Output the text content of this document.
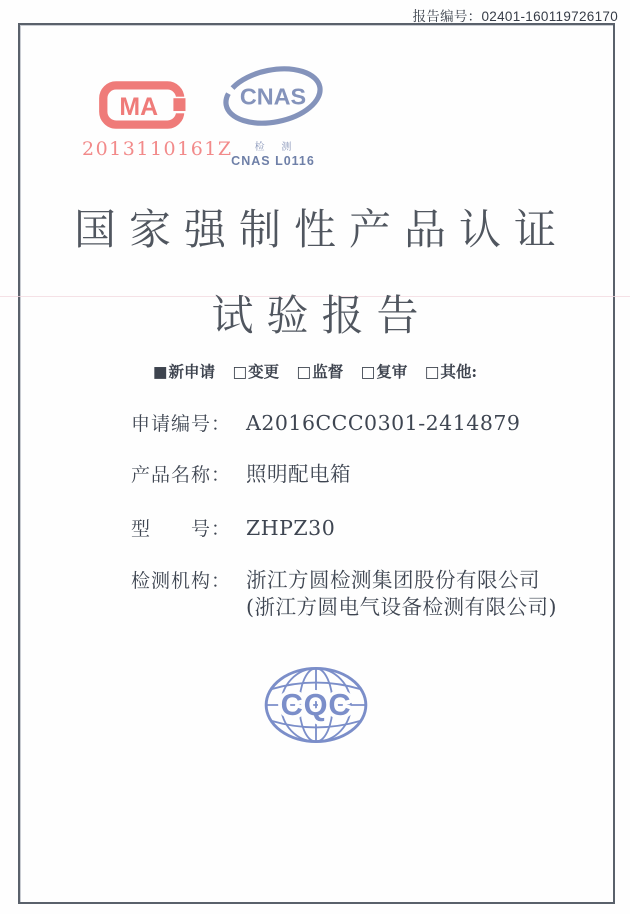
报告编号：02401-160119726170
MA
2013110161Z
CNAS
检 测
CNAS L0116
国家强制性产品认证
试验报告
■新申请 □变更 □监督 □复审 □其他:
申请编号： A2016CCC0301-2414879
产品名称： 照明配电箱
型　　号： ZHPZ30
检测机构： 浙江方圆检测集团股份有限公司
(浙江方圆电气设备检测有限公司)
CQC
